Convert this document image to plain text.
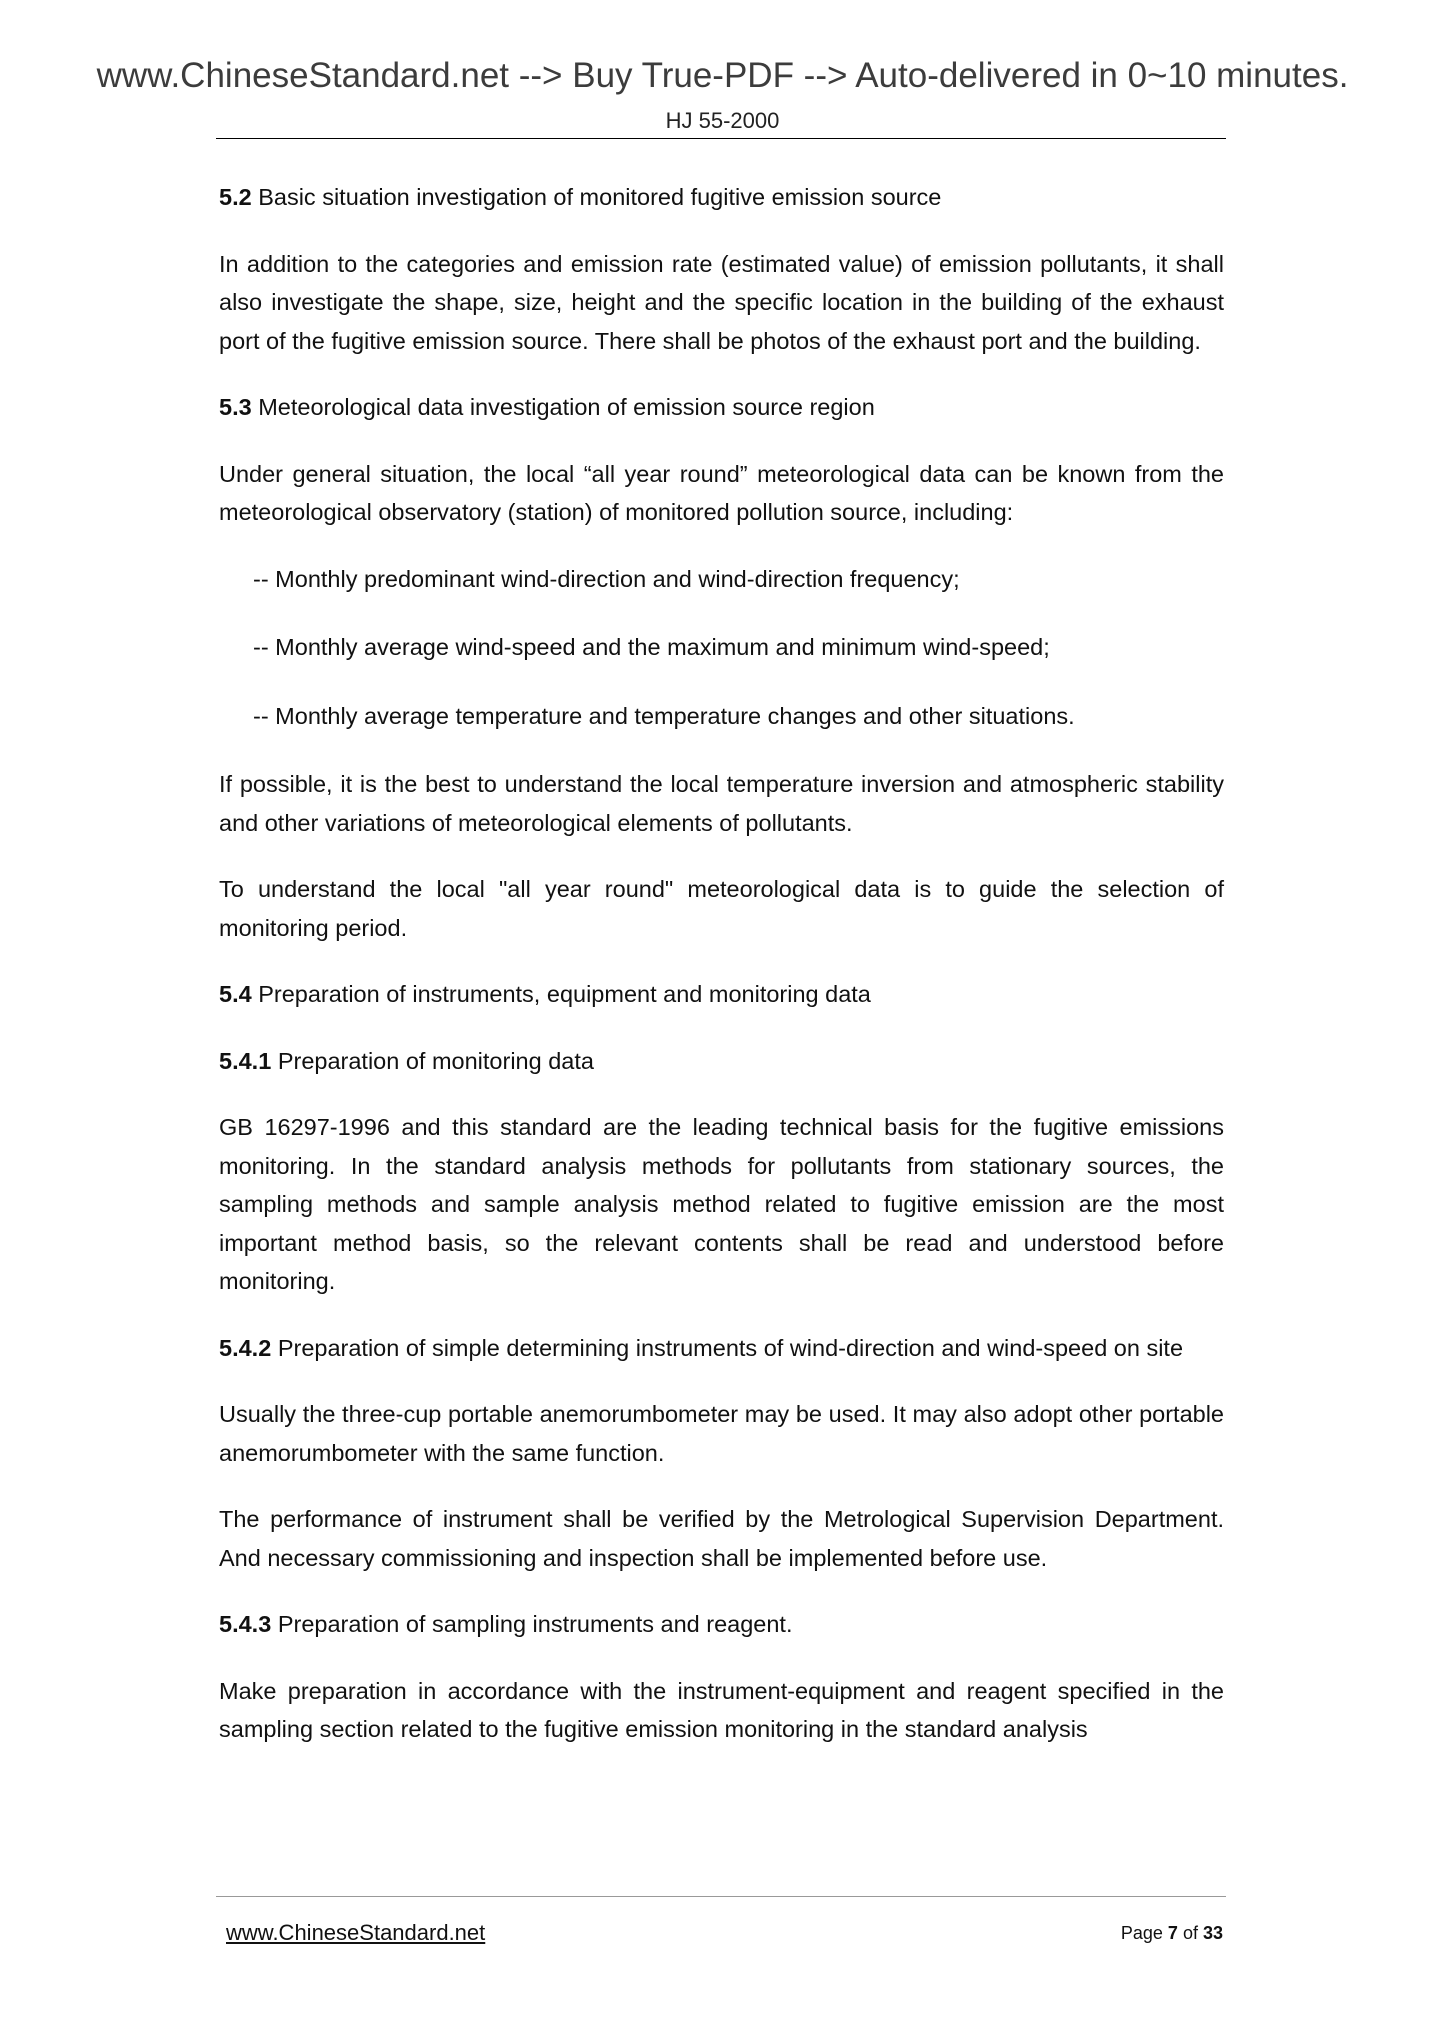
www.ChineseStandard.net --> Buy True-PDF --> Auto-delivered in 0~10 minutes.
HJ 55-2000

5.2 Basic situation investigation of monitored fugitive emission source

In addition to the categories and emission rate (estimated value) of emission pollutants, it shall also investigate the shape, size, height and the specific location in the building of the exhaust port of the fugitive emission source. There shall be photos of the exhaust port and the building.

5.3 Meteorological data investigation of emission source region

Under general situation, the local “all year round” meteorological data can be known from the meteorological observatory (station) of monitored pollution source, including:

-- Monthly predominant wind-direction and wind-direction frequency;

-- Monthly average wind-speed and the maximum and minimum wind-speed;

-- Monthly average temperature and temperature changes and other situations.

If possible, it is the best to understand the local temperature inversion and atmospheric stability and other variations of meteorological elements of pollutants.

To understand the local "all year round" meteorological data is to guide the selection of monitoring period.

5.4 Preparation of instruments, equipment and monitoring data

5.4.1 Preparation of monitoring data

GB 16297-1996 and this standard are the leading technical basis for the fugitive emissions monitoring. In the standard analysis methods for pollutants from stationary sources, the sampling methods and sample analysis method related to fugitive emission are the most important method basis, so the relevant contents shall be read and understood before monitoring.

5.4.2 Preparation of simple determining instruments of wind-direction and wind-speed on site

Usually the three-cup portable anemorumbometer may be used. It may also adopt other portable anemorumbometer with the same function.

The performance of instrument shall be verified by the Metrological Supervision Department. And necessary commissioning and inspection shall be implemented before use.

5.4.3 Preparation of sampling instruments and reagent.

Make preparation in accordance with the instrument-equipment and reagent specified in the sampling section related to the fugitive emission monitoring in the standard analysis

www.ChineseStandard.net	Page 7 of 33
